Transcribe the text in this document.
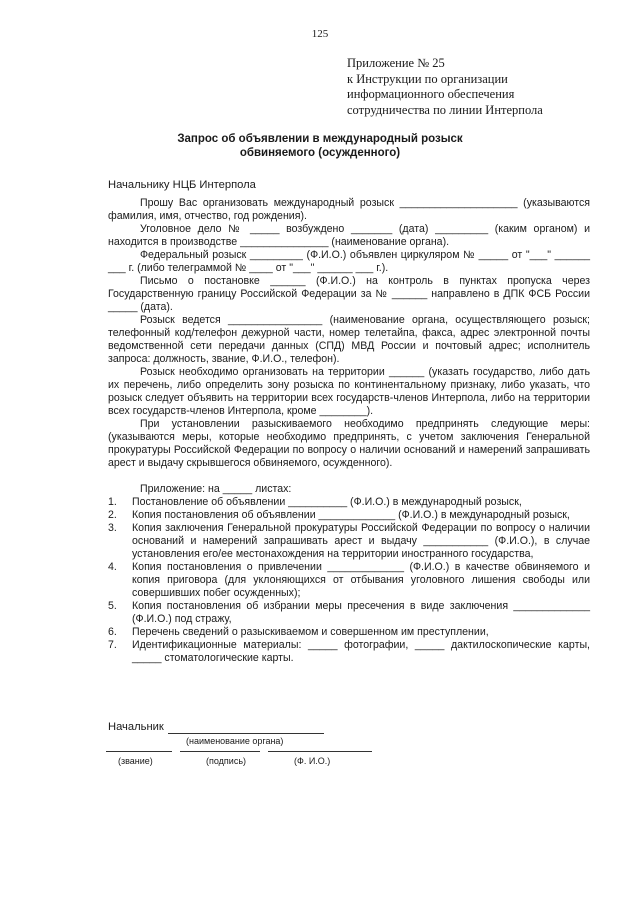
125
Приложение № 25
к Инструкции по организации
информационного обеспечения
сотрудничества по линии Интерпола
Запрос об объявлении в международный розыск
обвиняемого (осужденного)
Начальнику НЦБ Интерпола

Прошу Вас организовать международный розыск ____________________ (указываются фамилия, имя, отчество, год рождения).

Уголовное дело № _____ возбуждено _______ (дата) _________ (каким органом) и находится в производстве _______________ (наименование органа).

Федеральный розыск _________ (Ф.И.О.) объявлен циркуляром № _____ от "___" ______ ___ г. (либо телеграммой № ____ от "___" ______ ___ г.).

Письмо о постановке ______ (Ф.И.О.) на контроль в пунктах пропуска через Государственную границу Российской Федерации за № ______ направлено в ДПК ФСБ России _____ (дата).

Розыск ведется ________________ (наименование органа, осуществляющего розыск; телефонный код/телефон дежурной части, номер телетайпа, факса, адрес электронной почты ведомственной сети передачи данных (СПД) МВД России и почтовый адрес; исполнитель запроса: должность, звание, Ф.И.О., телефон).

Розыск необходимо организовать на территории ______ (указать государство, либо дать их перечень, либо определить зону розыска по континентальному признаку, либо указать, что розыск следует объявить на территории всех государств-членов Интерпола, либо на территории всех государств-членов Интерпола, кроме ________).

При установлении разыскиваемого необходимо предпринять следующие меры: (указываются меры, которые необходимо предпринять, с учетом заключения Генеральной прокуратуры Российской Федерации по вопросу о наличии оснований и намерений запрашивать арест и выдачу скрывшегося обвиняемого, осужденного).

Приложение: на _____ листах:
1. Постановление об объявлении __________ (Ф.И.О.) в международный розыск,
2. Копия постановления об объявлении _____________ (Ф.И.О.) в международный розыск,
3. Копия заключения Генеральной прокуратуры Российской Федерации по вопросу о наличии оснований и намерений запрашивать арест и выдачу ___________ (Ф.И.О.), в случае установления его/ее местонахождения на территории иностранного государства,
4. Копия постановления о привлечении _____________ (Ф.И.О.) в качестве обвиняемого и копия приговора (для уклоняющихся от отбывания уголовного лишения свободы или совершивших побег осужденных);
5. Копия постановления об избрании меры пресечения в виде заключения _____________ (Ф.И.О.) под стражу,
6. Перечень сведений о разыскиваемом и совершенном им преступлении,
7. Идентификационные материалы: _____ фотографии, _____ дактилоскопические карты, _____ стоматологические карты.
Начальник
(наименование органа)
(звание)	(подпись)	(Ф. И.О.)
